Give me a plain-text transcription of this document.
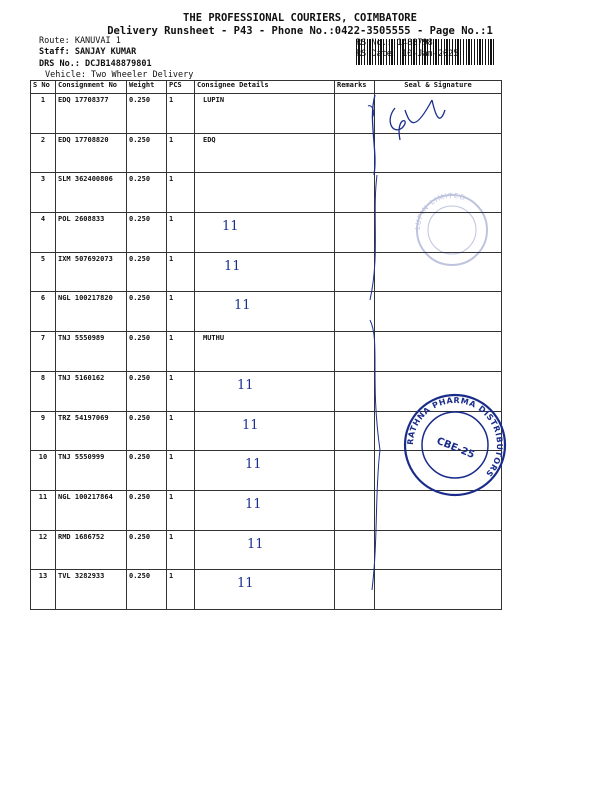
THE PROFESSIONAL COURIERS, COIMBATORE
Delivery Runsheet - P43 - Phone No.:0422-3505555 - Page No.:1
Route: KANUVAI 1
Staff: SANJAY KUMAR
DRS No.: DCJB148879801
Vehicle: Two Wheeler Delivery
RS No.: 1488798
RS Date: 10-Jan-2025
S No	Consignment No	Weight	PCS	Consignee Details	Remarks	Seal & Signature
1	EDQ 17708377	0.250	1	LUPIN		
2	EDQ 17708820	0.250	1	EDQ		
3	SLM 362400806	0.250	1			
4	POL 2608833	0.250	1	11		

5	IXM 507692073	0.250	1	11		

6	NGL 100217820	0.250	1	11		

7	TNJ 5550989	0.250	1	MUTHU		
8	TNJ 5160162	0.250	1	11		

9	TRZ 54197069	0.250	1	11		

10	TNJ 5550999	0.250	1	11		

11	NGL 100217864	0.250	1	11		

12	RMD 1686752	0.250	1	11		

13	TVL 3282933	0.250	1	11		

LUPIN LIMITED
RATHNA PHARMA DISTRIBUTORS
CBE-25
